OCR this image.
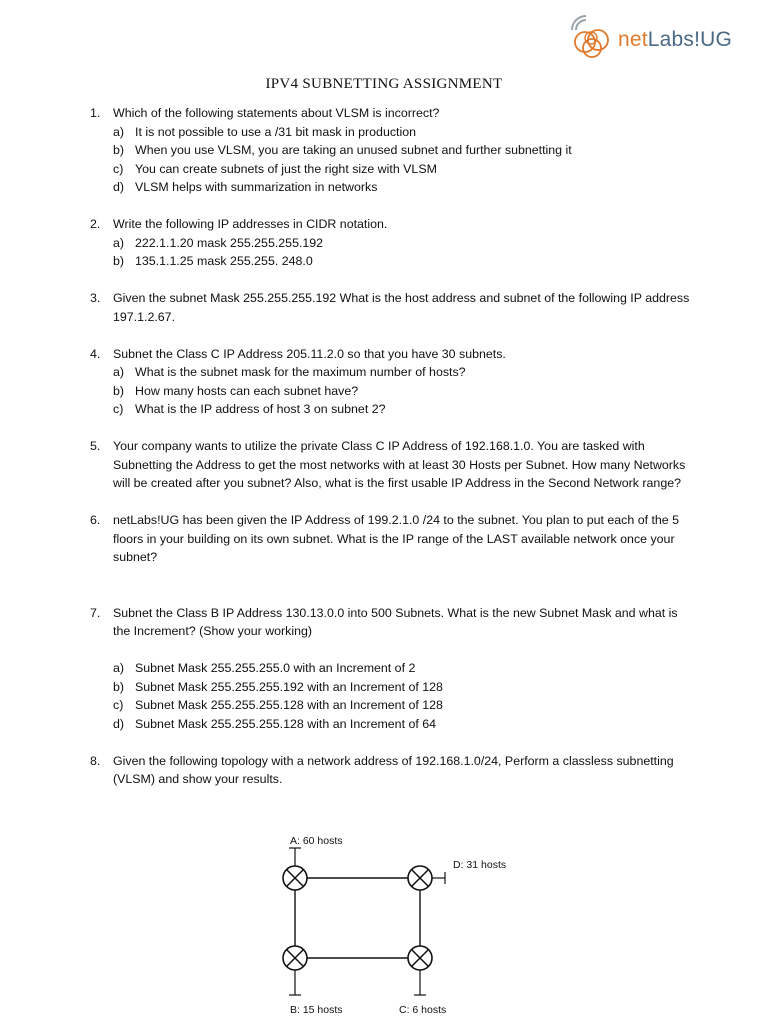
netLabs!UG
IPV4 SUBNETTING ASSIGNMENT
1. Which of the following statements about VLSM is incorrect?
a) It is not possible to use a /31 bit mask in production
b) When you use VLSM, you are taking an unused subnet and further subnetting it
c) You can create subnets of just the right size with VLSM
d) VLSM helps with summarization in networks
2. Write the following IP addresses in CIDR notation.
a) 222.1.1.20 mask 255.255.255.192
b) 135.1.1.25 mask 255.255. 248.0
3. Given the subnet Mask 255.255.255.192 What is the host address and subnet of the following IP address 197.1.2.67.
4. Subnet the Class C IP Address 205.11.2.0 so that you have 30 subnets.
a) What is the subnet mask for the maximum number of hosts?
b) How many hosts can each subnet have?
c) What is the IP address of host 3 on subnet 2?
5. Your company wants to utilize the private Class C IP Address of 192.168.1.0. You are tasked with Subnetting the Address to get the most networks with at least 30 Hosts per Subnet. How many Networks will be created after you subnet? Also, what is the first usable IP Address in the Second Network range?
6. netLabs!UG has been given the IP Address of 199.2.1.0 /24 to the subnet. You plan to put each of the 5 floors in your building on its own subnet. What is the IP range of the LAST available network once your subnet?
7. Subnet the Class B IP Address 130.13.0.0 into 500 Subnets. What is the new Subnet Mask and what is the Increment? (Show your working)
a) Subnet Mask 255.255.255.0 with an Increment of 2
b) Subnet Mask 255.255.255.192 with an Increment of 128
c) Subnet Mask 255.255.255.128 with an Increment of 128
d) Subnet Mask 255.255.255.128 with an Increment of 64
8. Given the following topology with a network address of 192.168.1.0/24, Perform a classless subnetting (VLSM) and show your results.
A: 60 hosts
D: 31 hosts
B: 15 hosts	C: 6 hosts
